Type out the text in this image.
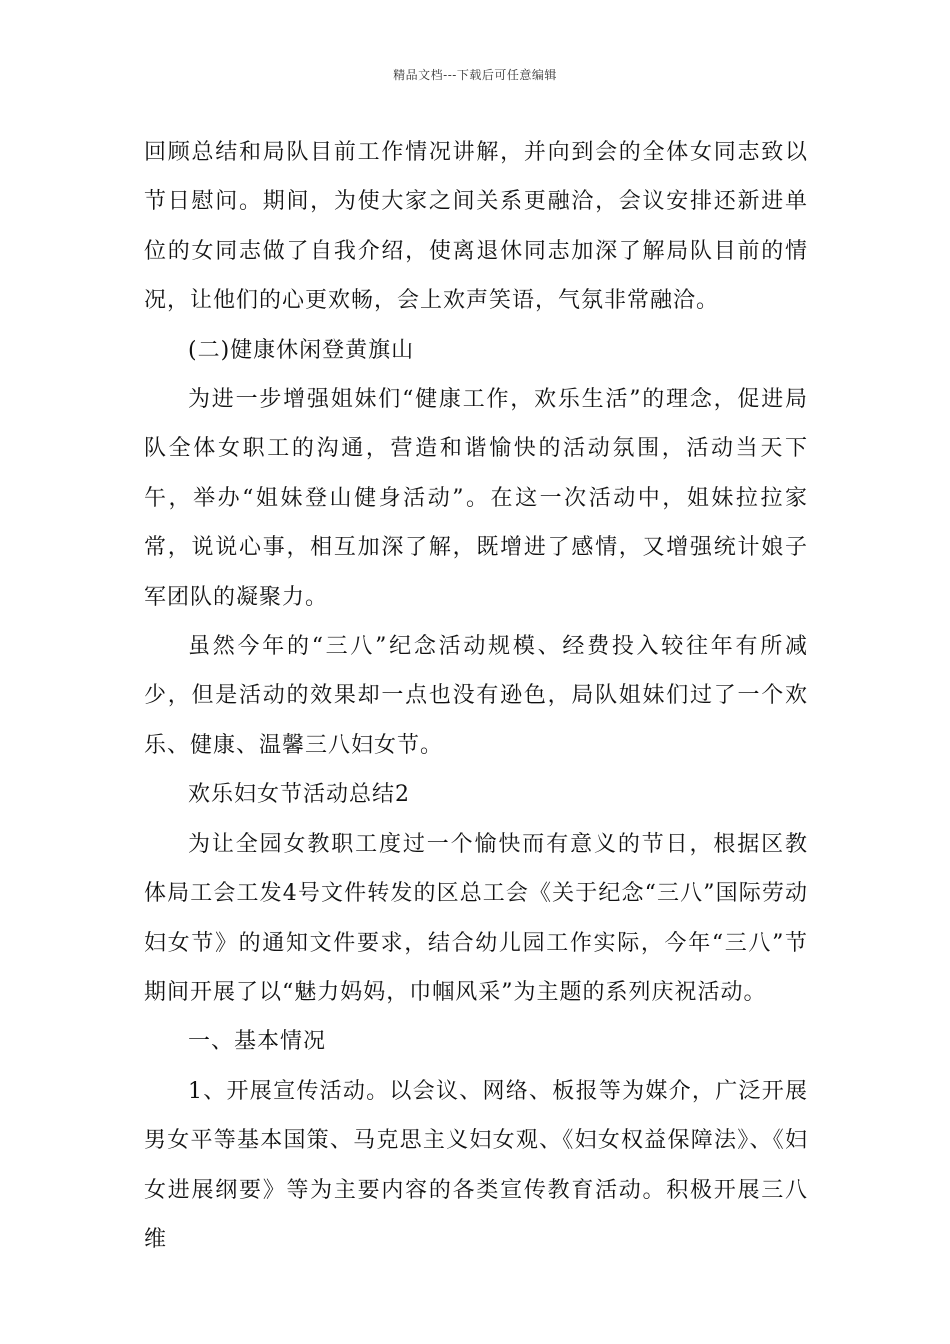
精品文档---下载后可任意编辑

回顾总结和局队目前工作情况讲解，并向到会的全体女同志致以节日慰问。期间，为使大家之间关系更融洽，会议安排还新进单位的女同志做了自我介绍，使离退休同志加深了解局队目前的情况，让他们的心更欢畅，会上欢声笑语，气氛非常融洽。

(二)健康休闲登黄旗山

为进一步增强姐妹们“健康工作，欢乐生活”的理念，促进局队全体女职工的沟通，营造和谐愉快的活动氛围，活动当天下午，举办“姐妹登山健身活动”。在这一次活动中，姐妹拉拉家常，说说心事，相互加深了解，既增进了感情，又增强统计娘子军团队的凝聚力。

虽然今年的“三八”纪念活动规模、经费投入较往年有所减少，但是活动的效果却一点也没有逊色，局队姐妹们过了一个欢乐、健康、温馨三八妇女节。

欢乐妇女节活动总结2

为让全园女教职工度过一个愉快而有意义的节日，根据区教体局工会工发4号文件转发的区总工会《关于纪念“三八”国际劳动妇女节》的通知文件要求，结合幼儿园工作实际，今年“三八”节期间开展了以“魅力妈妈，巾帼风采”为主题的系列庆祝活动。

一、基本情况

1、开展宣传活动。以会议、网络、板报等为媒介，广泛开展男女平等基本国策、马克思主义妇女观、《妇女权益保障法》、《妇女进展纲要》等为主要内容的各类宣传教育活动。积极开展三八维
